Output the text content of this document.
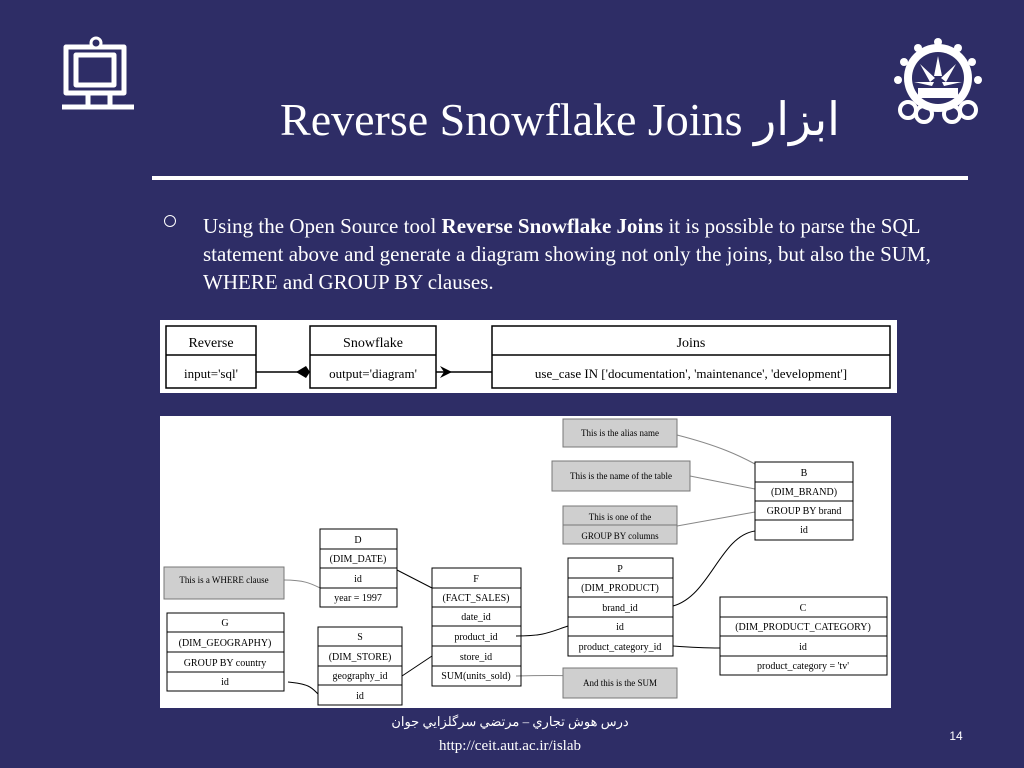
Reverse Snowflake Joins ابزار
Using the Open Source tool Reverse Snowflake Joins it is possible to parse the SQL statement above and generate a diagram showing not only the joins, but also the SUM, WHERE and GROUP BY clauses.
Reverse
input='sql'
Snowflake
output='diagram'
Joins
use_case IN ['documentation', 'maintenance', 'development']
This is the alias name
This is the name of the table
This is one of the
GROUP BY columns
This is a WHERE clause
And this is the SUM
B
(DIM_BRAND)
GROUP BY brand
id
D
(DIM_DATE)
id
year = 1997
F
(FACT_SALES)
date_id
product_id
store_id
SUM(units_sold)
P
(DIM_PRODUCT)
brand_id
id
product_category_id
C
(DIM_PRODUCT_CATEGORY)
id
product_category = 'tv'
G
(DIM_GEOGRAPHY)
GROUP BY country
id
S
(DIM_STORE)
geography_id
id
درس هوش تجاري – مرتضي سرگلزايي جوان
http://ceit.aut.ac.ir/islab
14
